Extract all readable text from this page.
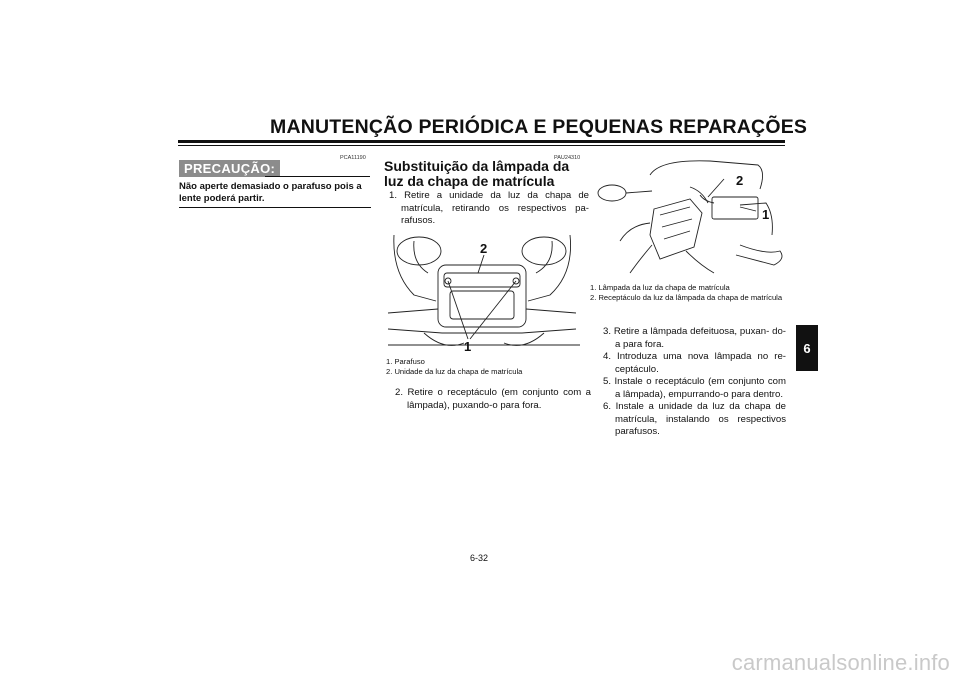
MANUTENÇÃO PERIÓDICA E PEQUENAS REPARAÇÕES
PCA11190
PRECAUÇÃO:
Não aperte demasiado o parafuso pois a lente poderá partir.
PAU24310
Substituição da lâmpada da luz da chapa de matrícula
1. Retire a unidade da luz da chapa de matrícula, retirando os respectivos pa- rafusos.
2
1
1. Parafuso
2. Unidade da luz da chapa de matrícula
2. Retire o receptáculo (em conjunto com a lâmpada), puxando-o para fora.
2
1
1. Lâmpada da luz da chapa de matrícula
2. Receptáculo da luz da lâmpada da chapa de matrícula
3. Retire a lâmpada defeituosa, puxan- do-a para fora.
4. Introduza uma nova lâmpada no re- ceptáculo.
5. Instale o receptáculo (em conjunto com a lâmpada), empurrando-o para dentro.
6. Instale a unidade da luz da chapa de matrícula, instalando os respectivos parafusos.
6
6-32
carmanualsonline.info
